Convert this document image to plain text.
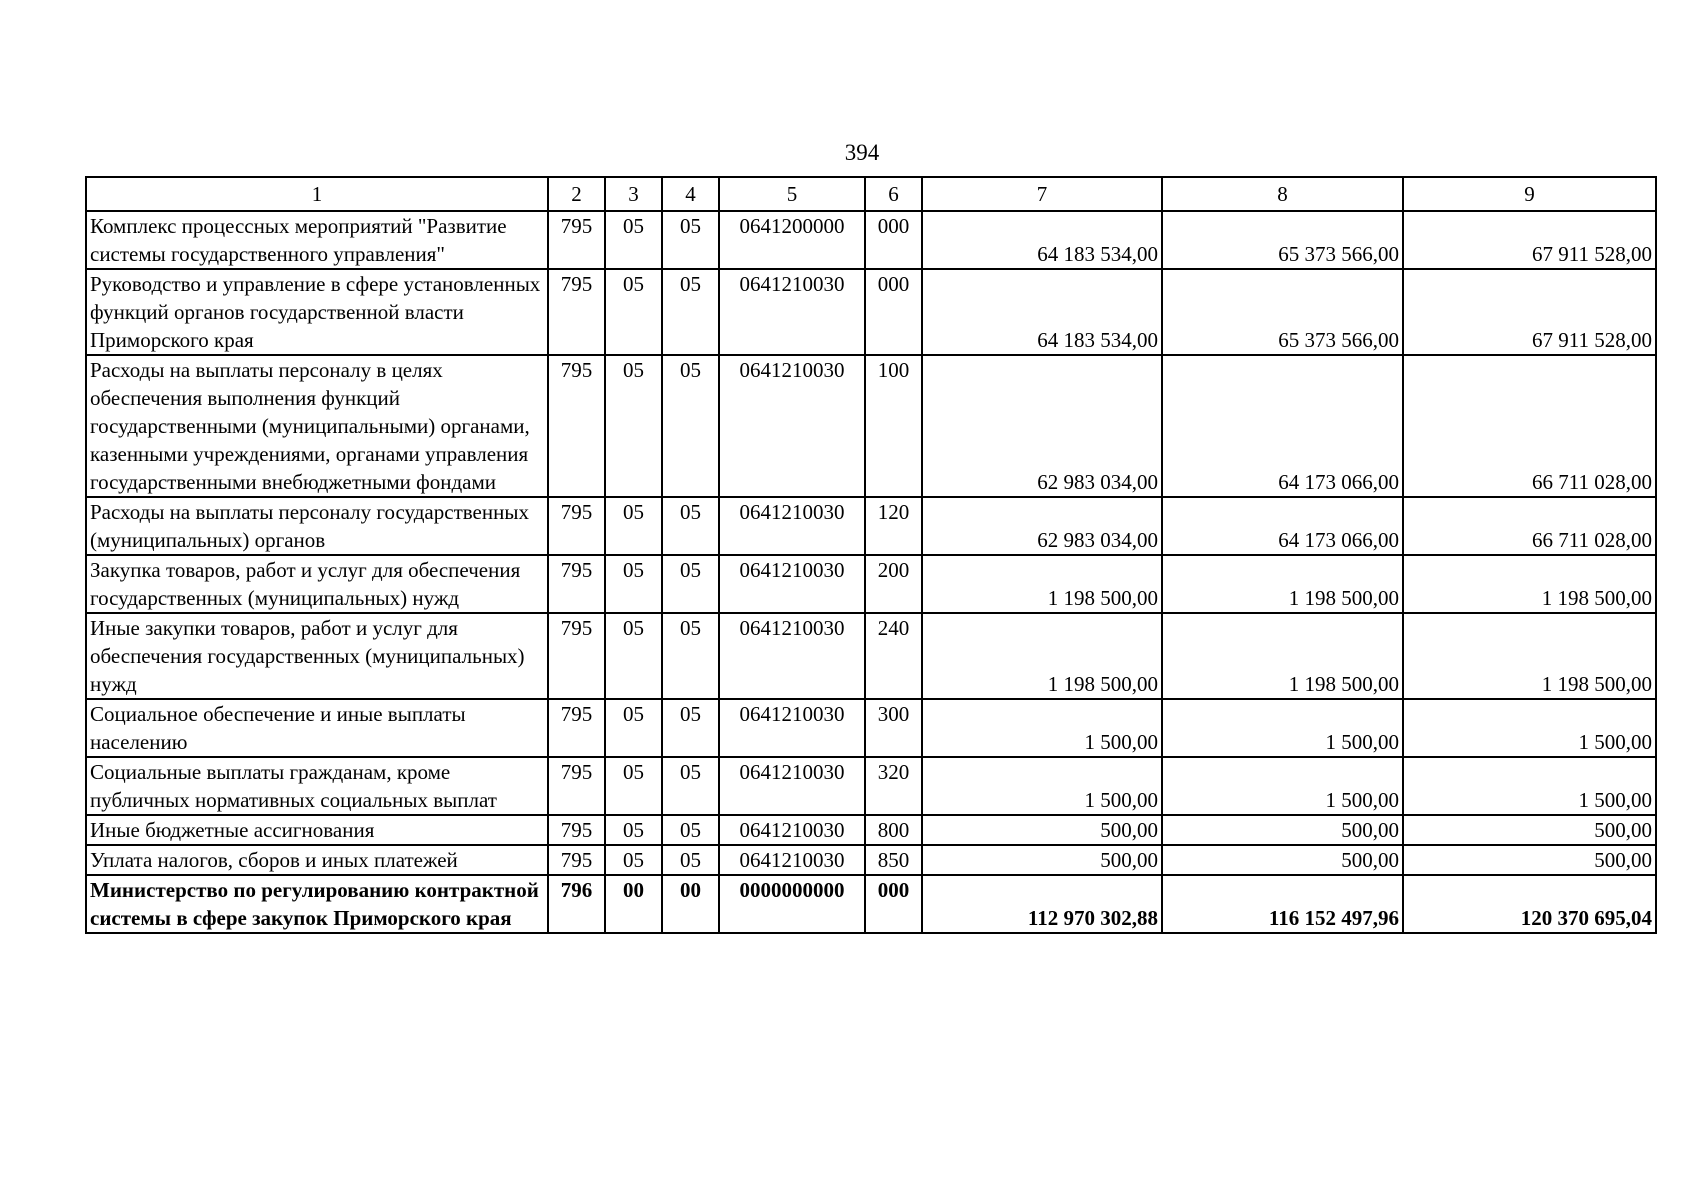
394
1	2	3	4	5	6	7	8	9
Комплекс процессных мероприятий "Развитие системы государственного управления"	795	05	05	0641200000	000	64 183 534,00	65 373 566,00	67 911 528,00
Руководство и управление в сфере установленных функций органов государственной власти Приморского края	795	05	05	0641210030	000	64 183 534,00	65 373 566,00	67 911 528,00
Расходы на выплаты персоналу в целях обеспечения выполнения функций государственными (муниципальными) органами, казенными учреждениями, органами управления государственными внебюджетными фондами	795	05	05	0641210030	100	62 983 034,00	64 173 066,00	66 711 028,00
Расходы на выплаты персоналу государственных (муниципальных) органов	795	05	05	0641210030	120	62 983 034,00	64 173 066,00	66 711 028,00
Закупка товаров, работ и услуг для обеспечения государственных (муниципальных) нужд	795	05	05	0641210030	200	1 198 500,00	1 198 500,00	1 198 500,00
Иные закупки товаров, работ и услуг для обеспечения государственных (муниципальных) нужд	795	05	05	0641210030	240	1 198 500,00	1 198 500,00	1 198 500,00
Социальное обеспечение и иные выплаты населению	795	05	05	0641210030	300	1 500,00	1 500,00	1 500,00
Социальные выплаты гражданам, кроме публичных нормативных социальных выплат	795	05	05	0641210030	320	1 500,00	1 500,00	1 500,00
Иные бюджетные ассигнования	795	05	05	0641210030	800	500,00	500,00	500,00
Уплата налогов, сборов и иных платежей	795	05	05	0641210030	850	500,00	500,00	500,00
Министерство по регулированию контрактной системы в сфере закупок Приморского края	796	00	00	0000000000	000	112 970 302,88	116 152 497,96	120 370 695,04
